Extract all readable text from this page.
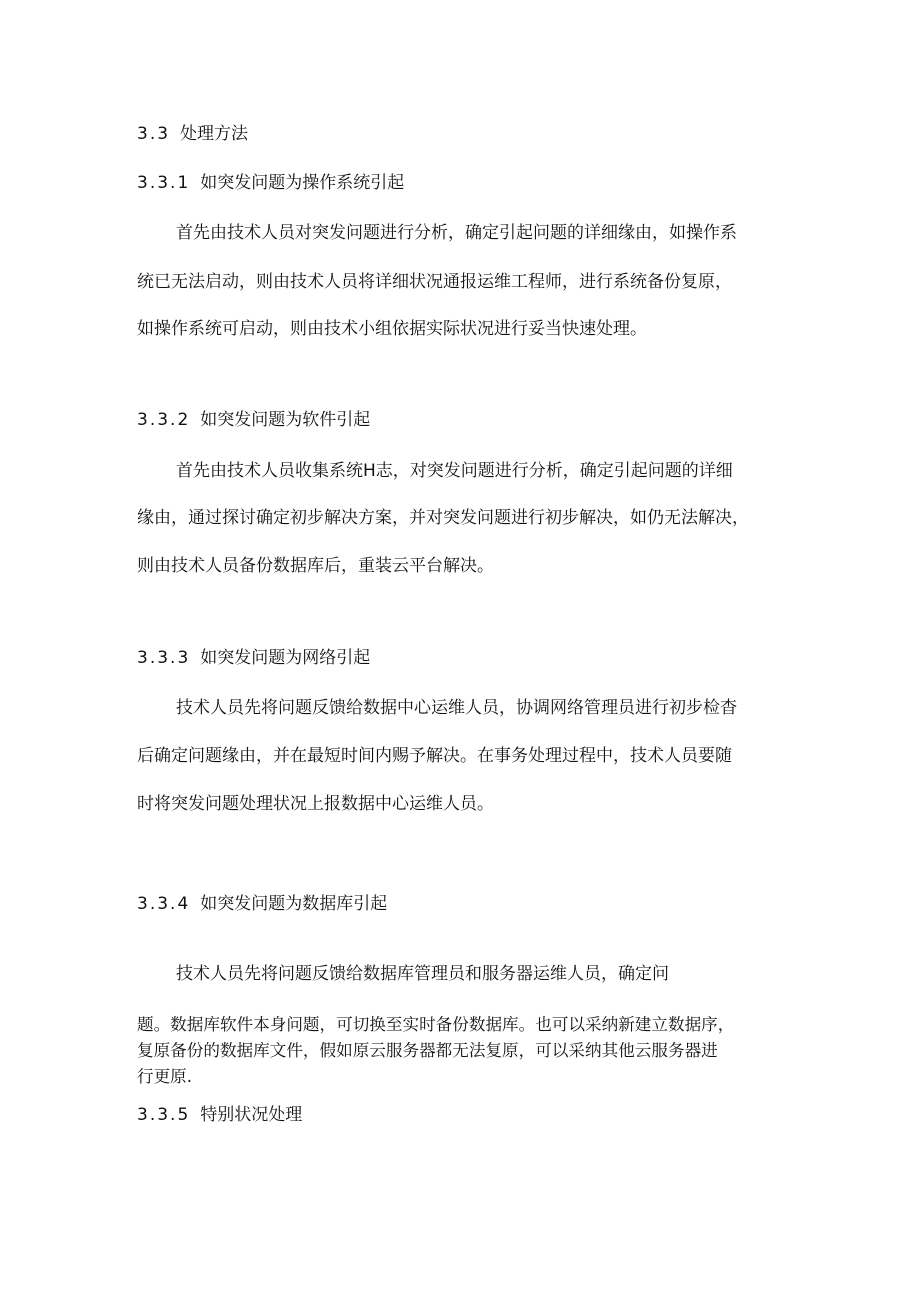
3.3 处理方法
3.3.1 如突发问题为操作系统引起
首先由技术人员对突发问题进行分析，确定引起问题的详细缘由，如操作系
统已无法启动，则由技术人员将详细状况通报运维工程师，进行系统备份复原，
如操作系统可启动，则由技术小组依据实际状况进行妥当快速处理。
3.3.2 如突发问题为软件引起
首先由技术人员收集系统H志，对突发问题进行分析，确定引起问题的详细
缘由，通过探讨确定初步解决方案，并对突发问题进行初步解决，如仍无法解决，
则由技术人员备份数据库后，重装云平台解决。
3.3.3 如突发问题为网络引起
技术人员先将问题反馈给数据中心运维人员，协调网络管理员进行初步检杳
后确定问题缘由，并在最短时间内赐予解决。在事务处理过程中，技术人员要随
时将突发问题处理状况上报数据中心运维人员。
3.3.4 如突发问题为数据库引起
技术人员先将问题反馈给数据库管理员和服务器运维人员，确定问
题。数据库软件本身问题，可切换至实时备份数据库。也可以采纳新建立数据序，
复原备份的数据库文件，假如原云服务器都无法复原，可以采纳其他云服务器进
行更原.
3.3.5 特别状况处理
